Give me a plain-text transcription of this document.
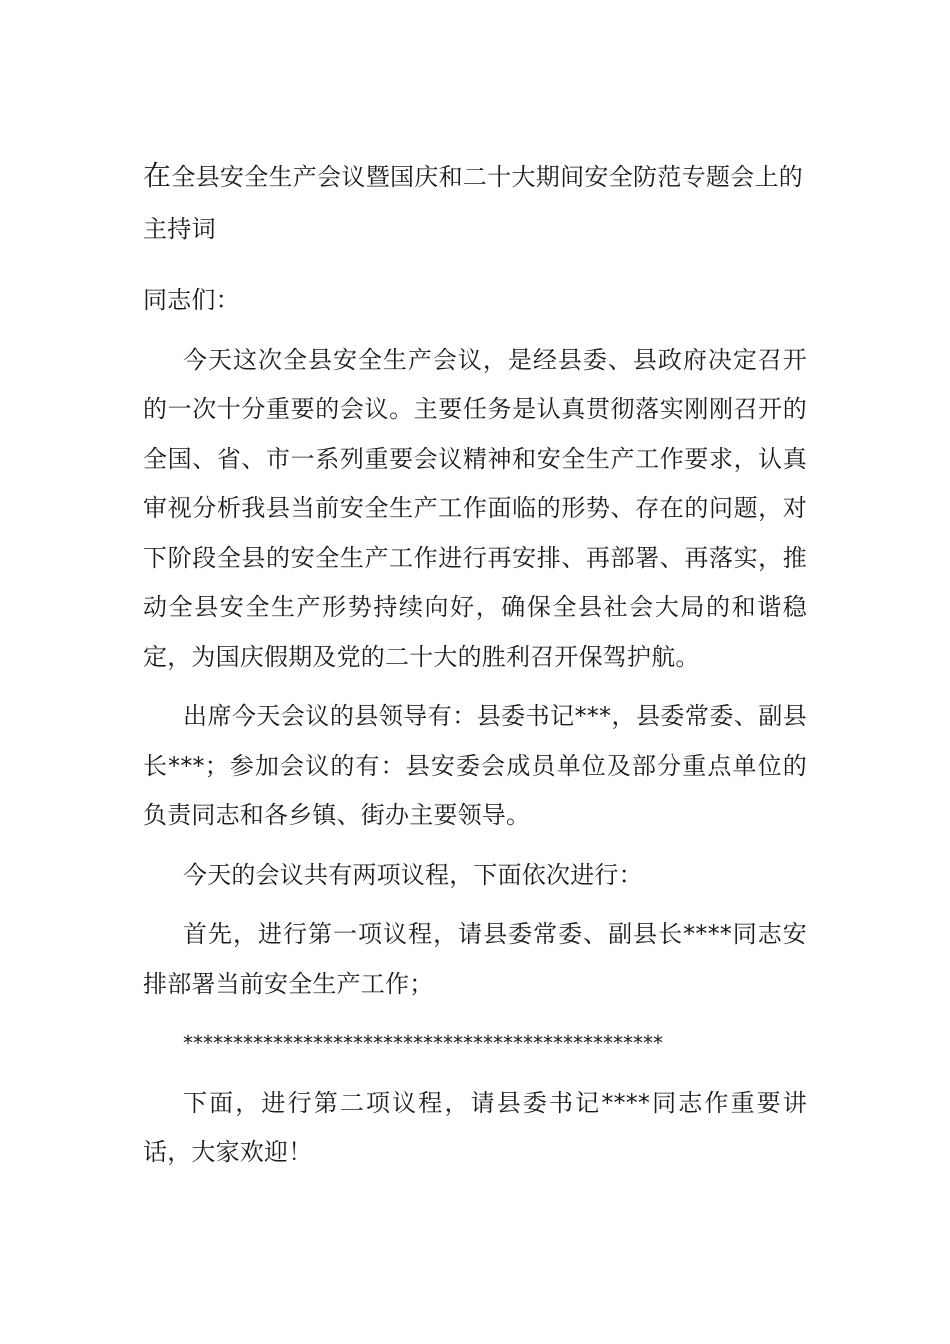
在全县安全生产会议暨国庆和二十大期间安全防范专题会上的主持词

同志们：

今天这次全县安全生产会议，是经县委、县政府决定召开的一次十分重要的会议。主要任务是认真贯彻落实刚刚召开的全国、省、市一系列重要会议精神和安全生产工作要求，认真审视分析我县当前安全生产工作面临的形势、存在的问题，对下阶段全县的安全生产工作进行再安排、再部署、再落实，推动全县安全生产形势持续向好，确保全县社会大局的和谐稳定，为国庆假期及党的二十大的胜利召开保驾护航。

出席今天会议的县领导有：县委书记***，县委常委、副县长***；参加会议的有：县安委会成员单位及部分重点单位的负责同志和各乡镇、街办主要领导。

今天的会议共有两项议程，下面依次进行：

首先，进行第一项议程，请县委常委、副县长****同志安排部署当前安全生产工作；

************************************************

下面，进行第二项议程，请县委书记****同志作重要讲话，大家欢迎！
